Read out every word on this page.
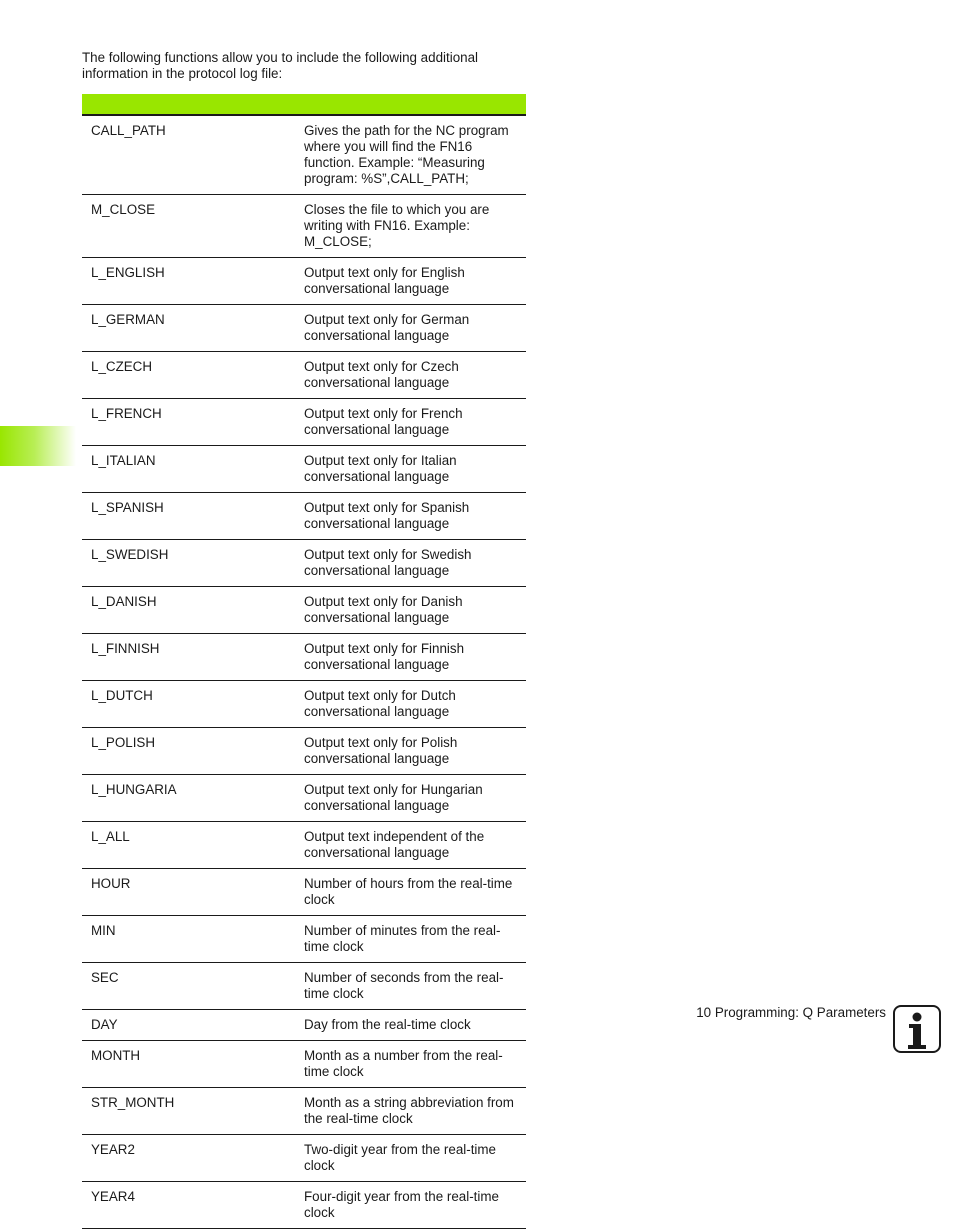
The following functions allow you to include the following additional information in the protocol log file:

CALL_PATH	Gives the path for the NC program where you will find the FN16 function. Example: “Measuring program: %S”,CALL_PATH;
M_CLOSE	Closes the file to which you are writing with FN16. Example: M_CLOSE;
L_ENGLISH	Output text only for English conversational language
L_GERMAN	Output text only for German conversational language
L_CZECH	Output text only for Czech conversational language
L_FRENCH	Output text only for French conversational language
L_ITALIAN	Output text only for Italian conversational language
L_SPANISH	Output text only for Spanish conversational language
L_SWEDISH	Output text only for Swedish conversational language
L_DANISH	Output text only for Danish conversational language
L_FINNISH	Output text only for Finnish conversational language
L_DUTCH	Output text only for Dutch conversational language
L_POLISH	Output text only for Polish conversational language
L_HUNGARIA	Output text only for Hungarian conversational language
L_ALL	Output text independent of the conversational language
HOUR	Number of hours from the real-time clock
MIN	Number of minutes from the real-time clock
SEC	Number of seconds from the real-time clock
DAY	Day from the real-time clock
MONTH	Month as a number from the real-time clock
STR_MONTH	Month as a string abbreviation from the real-time clock
YEAR2	Two-digit year from the real-time clock
YEAR4	Four-digit year from the real-time clock
10 Programming: Q Parameters
